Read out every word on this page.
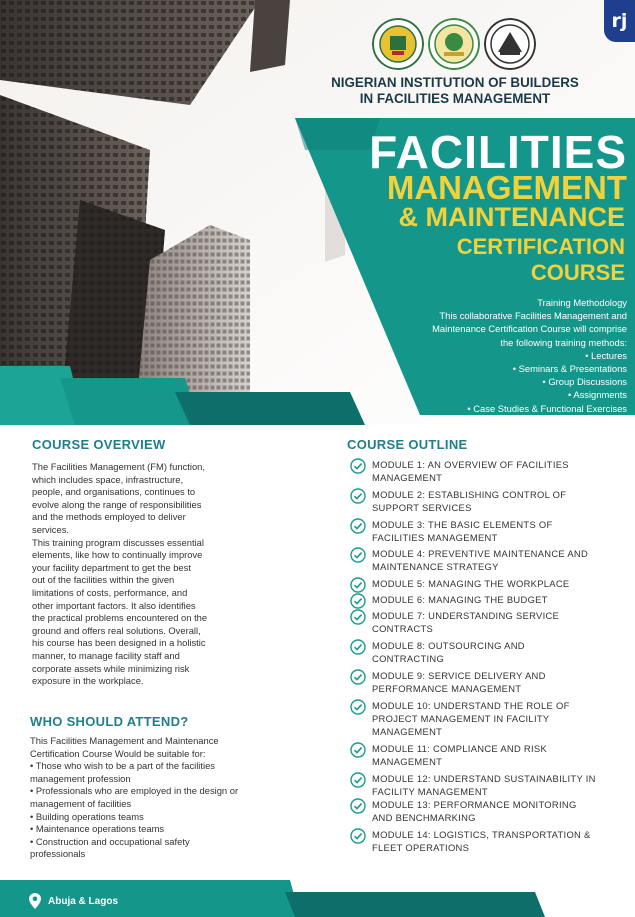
rj
NIGERIAN INSTITUTION OF BUILDERS
IN FACILITIES MANAGEMENT
FACILITIES
MANAGEMENT
& MAINTENANCE
CERTIFICATION
COURSE
Training Methodology
This collaborative Facilities Management and
Maintenance Certification Course will comprise
the following training methods:
• Lectures
• Seminars & Presentations
• Group Discussions
• Assignments
• Case Studies & Functional Exercises
COURSE OVERVIEW
The Facilities Management (FM) function,
which includes space, infrastructure,
people, and organisations, continues to
evolve along the range of responsibilities
and the methods employed to deliver
services.
This training program discusses essential
elements, like how to continually improve
your facility department to get the best
out of the facilities within the given
limitations of costs, performance, and
other important factors. It also identifies
the practical problems encountered on the
ground and offers real solutions. Overall,
his course has been designed in a holistic
manner, to manage facility staff and
corporate assets while minimizing risk
exposure in the workplace.
WHO SHOULD ATTEND?
This Facilities Management and Maintenance
Certification Course Would be suitable for:
• Those who wish to be a part of the facilities
management profession
• Professionals who are employed in the design or
management of facilities
• Building operations teams
• Maintenance operations teams
• Construction and occupational safety
professionals
COURSE OUTLINE
MODULE 1: AN OVERVIEW OF FACILITIES
MANAGEMENT
MODULE 2: ESTABLISHING CONTROL OF
SUPPORT SERVICES
MODULE 3: THE BASIC ELEMENTS OF
FACILITIES MANAGEMENT
MODULE 4: PREVENTIVE MAINTENANCE AND
MAINTENANCE STRATEGY
MODULE 5: MANAGING THE WORKPLACE
MODULE 6: MANAGING THE BUDGET
MODULE 7: UNDERSTANDING SERVICE
CONTRACTS
MODULE 8: OUTSOURCING AND
CONTRACTING
MODULE 9: SERVICE DELIVERY AND
PERFORMANCE MANAGEMENT
MODULE 10: UNDERSTAND THE ROLE OF
PROJECT MANAGEMENT IN FACILITY
MANAGEMENT
MODULE 11: COMPLIANCE AND RISK
MANAGEMENT
MODULE 12: UNDERSTAND SUSTAINABILITY IN
FACILITY MANAGEMENT
MODULE 13: PERFORMANCE MONITORING
AND BENCHMARKING
MODULE 14: LOGISTICS, TRANSPORTATION &
FLEET OPERATIONS
Abuja & Lagos
